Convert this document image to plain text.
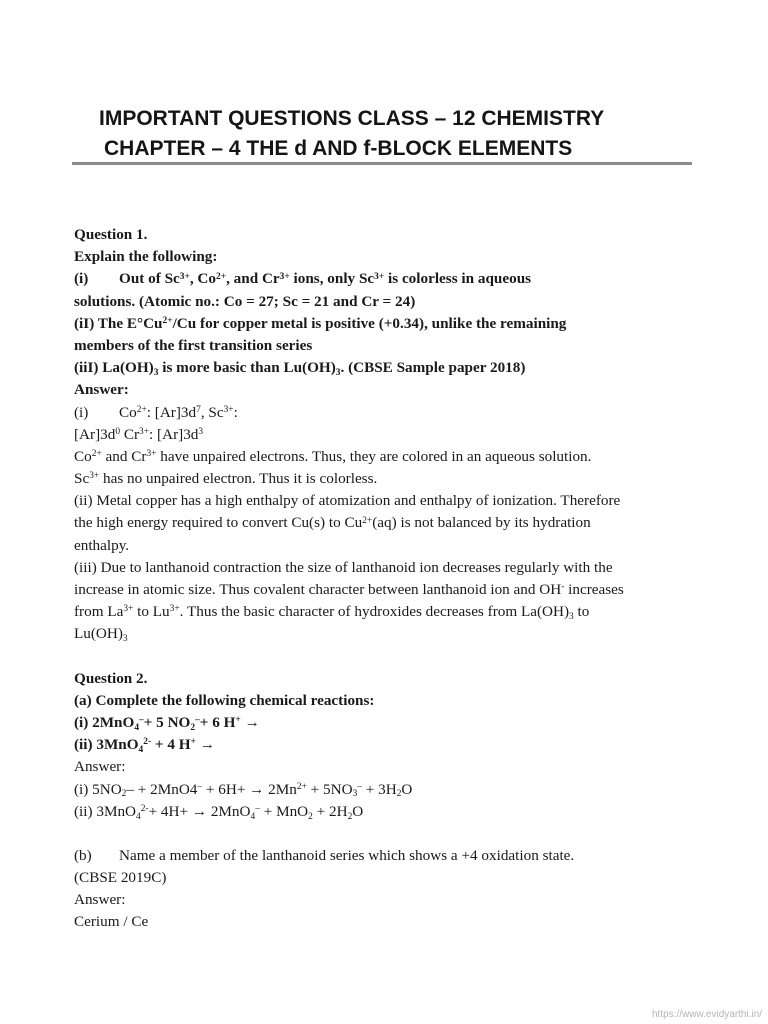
IMPORTANT QUESTIONS CLASS – 12 CHEMISTRY
CHAPTER – 4 THE d AND f-BLOCK ELEMENTS
Question 1.
Explain the following:
(i) Out of $Sc^{3+}$, $Co^{2+}$, and $Cr^{3+}$ ions, only $Sc^{3+}$ is colorless in aqueous
solutions. (Atomic no.: Co = 27; Sc = 21 and Cr = 24)
(iI) The $E^\circ Cu^{2+}/Cu$ for copper metal is positive (+0.34), unlike the remaining
members of the first transition series
(iiI) $La(OH)_3$ is more basic than $Lu(OH)_3$. (CBSE Sample paper 2018)
Answer:
(i) $Co^{2+}$: $[Ar]3d^7$, $Sc^{3+}$:
$[Ar]3d^0$ $Cr^{3+}$: $[Ar]3d^3$
$Co^{2+}$ and $Cr^{3+}$ have unpaired electrons. Thus, they are colored in an aqueous solution.
$Sc^{3+}$ has no unpaired electron. Thus it is colorless.
(ii) Metal copper has a high enthalpy of atomization and enthalpy of ionization. Therefore
the high energy required to convert Cu(s) to $Cu^{2+}(aq)$ is not balanced by its hydration
enthalpy.
(iii) Due to lanthanoid contraction the size of lanthanoid ion decreases regularly with the
increase in atomic size. Thus covalent character between lanthanoid ion and OH- increases
from $La^{3+}$ to $Lu^{3+}$. Thus the basic character of hydroxides decreases from $La(OH)_3$ to
$Lu(OH)_3$
Question 2.
(a) Complete the following chemical reactions:
(i) 2MnO$_4$–+ 5 $NO_2^-+ 6$ H+ →
(ii) 3MnO$_4^{2-}$ + 4 H+ →
Answer:
(i) $5NO_2- + 2MnO4^- + 6H+ \to 2Mn^{2+} + 5NO_3^- + 3H_2O$
(ii) $3MnO_4^{2-}+ 4H+ \to 2MnO_4^- + MnO_2 + 2H_2O$
(b) Name a member of the lanthanoid series which shows a +4 oxidation state.
(CBSE 2019C)
Answer:
Cerium / Ce
https://www.evidyarthi.in/
